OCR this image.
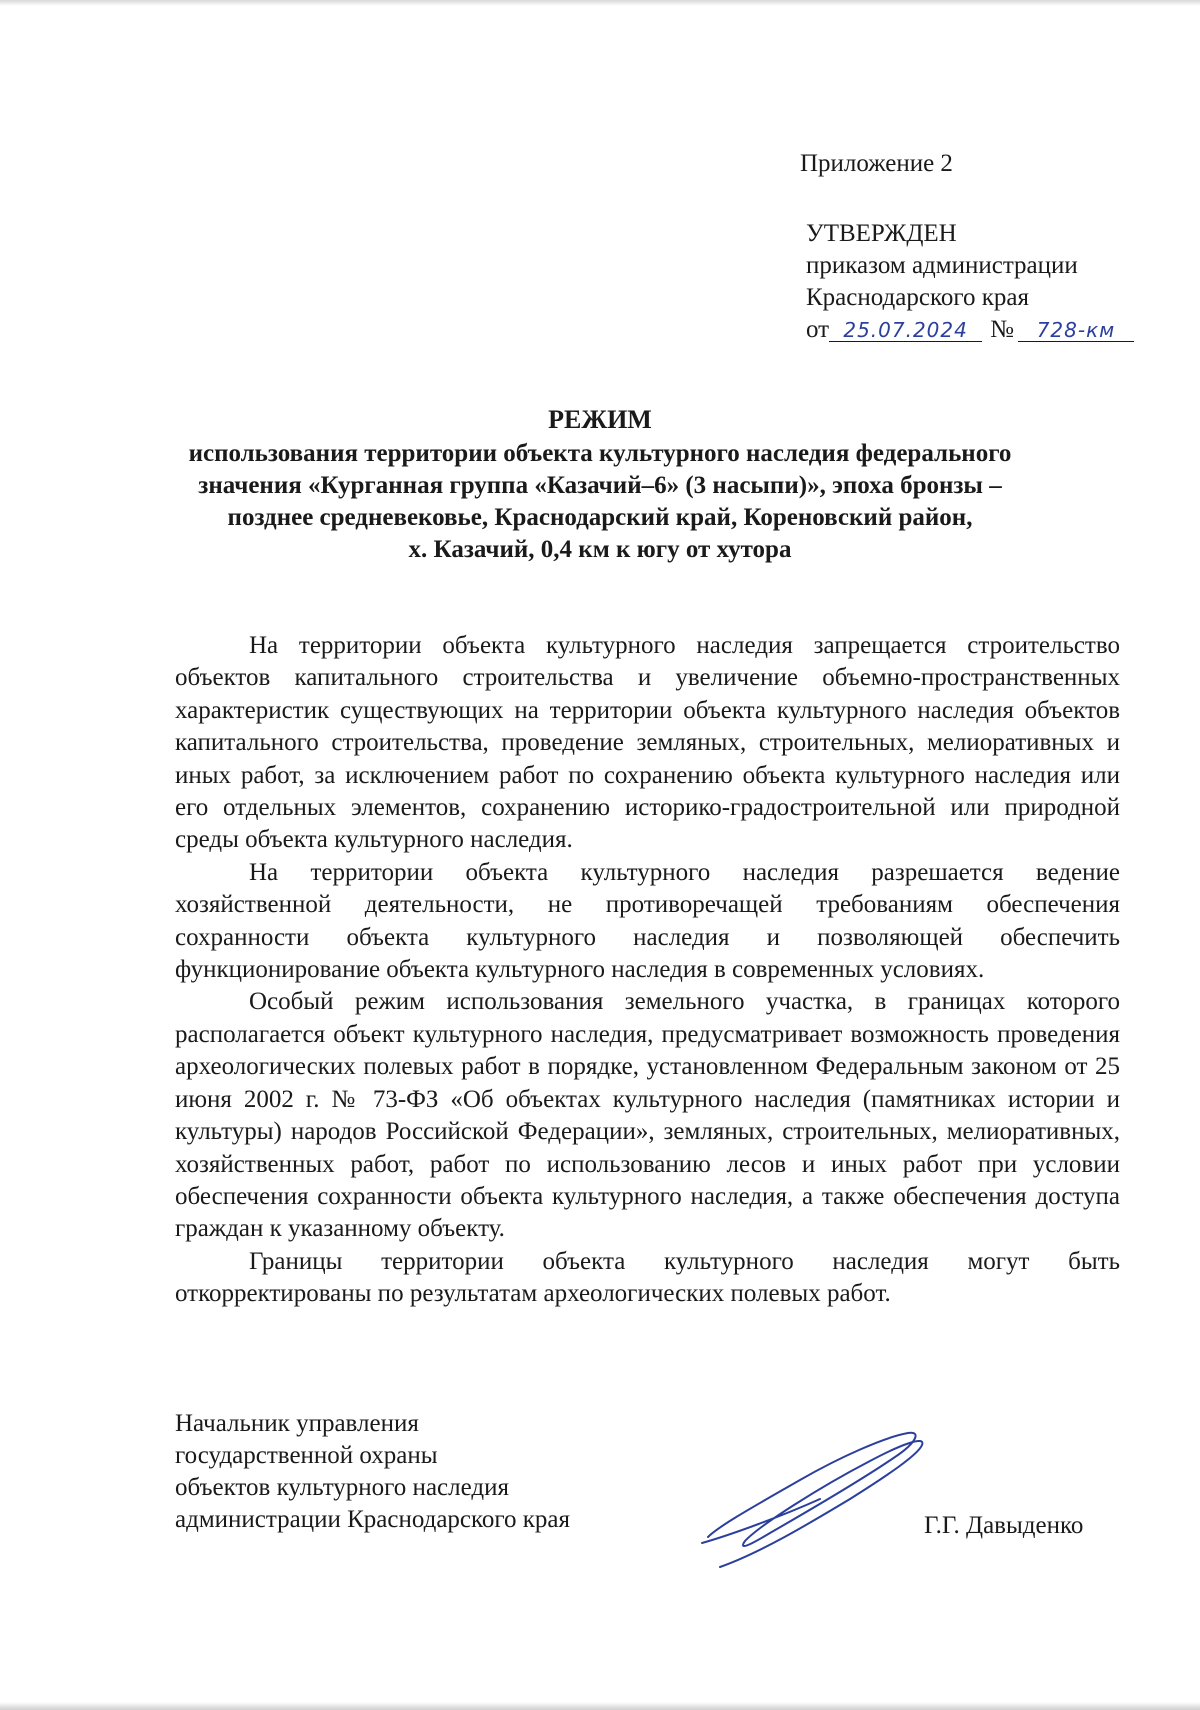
Приложение 2
УТВЕРЖДЕН
приказом администрации
Краснодарского края
от 25.07.2024 №	728-км
РЕЖИМ
использования территории объекта культурного наследия федерального
значения «Курганная группа «Казачий–6» (3 насыпи)», эпоха бронзы –
позднее средневековье, Краснодарский край, Кореновский район,
х. Казачий, 0,4 км к югу от хутора

На территории объекта культурного наследия запрещается строительство объектов капитального строительства и увеличение объемно-пространственных характеристик существующих на территории объекта культурного наследия объектов капитального строительства, проведение земляных, строительных, мелиоративных и иных работ, за исключением работ по сохранению объекта культурного наследия или его отдельных элементов, сохранению историко-градостроительной или природной среды объекта культурного наследия.

На территории объекта культурного наследия разрешается ведение хозяйственной деятельности, не противоречащей требованиям обеспечения сохранности объекта культурного наследия и позволяющей обеспечить функционирование объекта культурного наследия в современных условиях.

Особый режим использования земельного участка, в границах которого располагается объект культурного наследия, предусматривает возможность проведения археологических полевых работ в порядке, установленном Федеральным законом от 25 июня 2002 г. № 73-ФЗ «Об объектах культурного наследия (памятниках истории и культуры) народов Российской Федерации», земляных, строительных, мелиоративных, хозяйственных работ, работ по использованию лесов и иных работ при условии обеспечения сохранности объекта культурного наследия, а также обеспечения доступа граждан к указанному объекту.

Границы территории объекта культурного наследия могут быть откорректированы по результатам археологических полевых работ.

Начальник управления
государственной охраны
объектов культурного наследия
администрации Краснодарского края	Г.Г. Давыденко
